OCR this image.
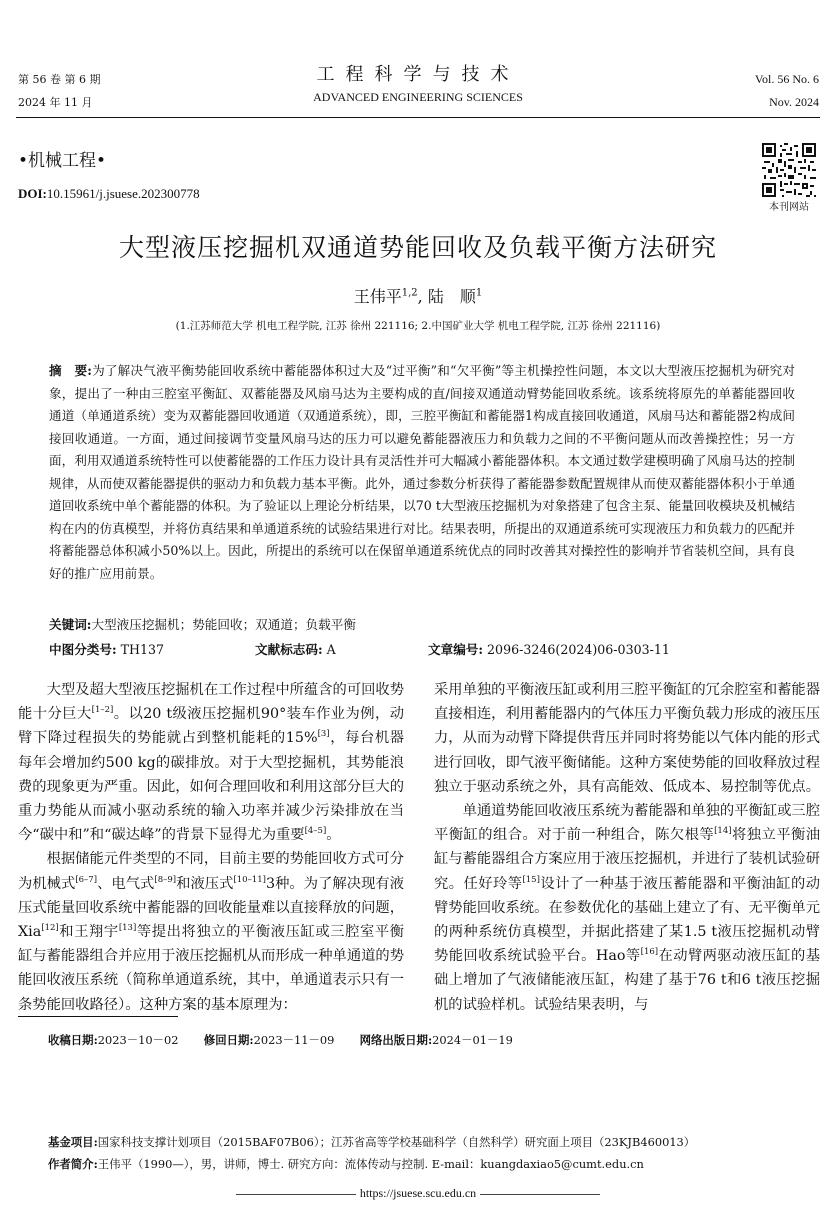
第 56 卷 第 6 期
2024 年 11 月
工程科学与技术
ADVANCED ENGINEERING SCIENCES
Vol. 56 No. 6
Nov. 2024
•机械工程•
DOI:10.15961/j.jsuese.202300778
本刊网站
大型液压挖掘机双通道势能回收及负载平衡方法研究
王伟平$^{1,2}$, 陆　顺$^1$
(1.江苏师范大学 机电工程学院, 江苏 徐州 221116; 2.中国矿业大学 机电工程学院, 江苏 徐州 221116)
摘　要:为了解决气液平衡势能回收系统中蓄能器体积过大及“过平衡”和“欠平衡”等主机操控性问题，本文以大型液压挖掘机为研究对象，提出了一种由三腔室平衡缸、双蓄能器及风扇马达为主要构成的直/间接双通道动臂势能回收系统。该系统将原先的单蓄能器回收通道（单通道系统）变为双蓄能器回收通道（双通道系统），即，三腔平衡缸和蓄能器1构成直接回收通道，风扇马达和蓄能器2构成间接回收通道。一方面，通过间接调节变量风扇马达的压力可以避免蓄能器液压力和负载力之间的不平衡问题从而改善操控性；另一方面，利用双通道系统特性可以使蓄能器的工作压力设计具有灵活性并可大幅减小蓄能器体积。本文通过数学建模明确了风扇马达的控制规律，从而使双蓄能器提供的驱动力和负载力基本平衡。此外，通过参数分析获得了蓄能器参数配置规律从而使双蓄能器体积小于单通道回收系统中单个蓄能器的体积。为了验证以上理论分析结果，以70 t大型液压挖掘机为对象搭建了包含主泵、能量回收模块及机械结构在内的仿真模型，并将仿真结果和单通道系统的试验结果进行对比。结果表明，所提出的双通道系统可实现液压力和负载力的匹配并将蓄能器总体积减小50%以上。因此，所提出的系统可以在保留单通道系统优点的同时改善其对操控性的影响并节省装机空间，具有良好的推广应用前景。
关键词:大型液压挖掘机；势能回收；双通道；负载平衡
中图分类号: TH137	文献标志码: A	文章编号: 2096-3246(2024)06-0303-11

大型及超大型液压挖掘机在工作过程中所蕴含的可回收势能十分巨大[1–2]。以20 t级液压挖掘机90°装车作业为例，动臂下降过程损失的势能就占到整机能耗的15%[3]，每台机器每年会增加约500 kg的碳排放。对于大型挖掘机，其势能浪费的现象更为严重。因此，如何合理回收和利用这部分巨大的重力势能从而减小驱动系统的输入功率并减少污染排放在当今“碳中和”和“碳达峰”的背景下显得尤为重要[4–5]。

根据储能元件类型的不同，目前主要的势能回收方式可分为机械式[6–7]、电气式[8–9]和液压式[10–11]3种。为了解决现有液压式能量回收系统中蓄能器的回收能量难以直接释放的问题，Xia[12]和王翔宇[13]等提出将独立的平衡液压缸或三腔室平衡缸与蓄能器组合并应用于液压挖掘机从而形成一种单通道的势能回收液压系统（简称单通道系统，其中，单通道表示只有一条势能回收路径）。这种方案的基本原理为：

采用单独的平衡液压缸或利用三腔平衡缸的冗余腔室和蓄能器直接相连，利用蓄能器内的气体压力平衡负载力形成的液压压力，从而为动臂下降提供背压并同时将势能以气体内能的形式进行回收，即气液平衡储能。这种方案使势能的回收释放过程独立于驱动系统之外，具有高能效、低成本、易控制等优点。

单通道势能回收液压系统为蓄能器和单独的平衡缸或三腔平衡缸的组合。对于前一种组合，陈欠根等[14]将独立平衡油缸与蓄能器组合方案应用于液压挖掘机，并进行了装机试验研究。任好玲等[15]设计了一种基于液压蓄能器和平衡油缸的动臂势能回收系统。在参数优化的基础上建立了有、无平衡单元的两种系统仿真模型，并据此搭建了某1.5 t液压挖掘机动臂势能回收系统试验平台。Hao等[16]在动臂两驱动液压缸的基础上增加了气液储能液压缸，构建了基于76 t和6 t液压挖掘机的试验样机。试验结果表明，与

收稿日期:2023－10－02 修回日期:2023－11－09 网络出版日期:2024－01－19
基金项目:国家科技支撑计划项目（2015BAF07B06）；江苏省高等学校基础科学（自然科学）研究面上项目（23KJB460013）
作者简介:王伟平（1990—），男，讲师，博士. 研究方向：流体传动与控制. E-mail：kuangdaxiao5@cumt.edu.cn
https://jsuese.scu.edu.cn
